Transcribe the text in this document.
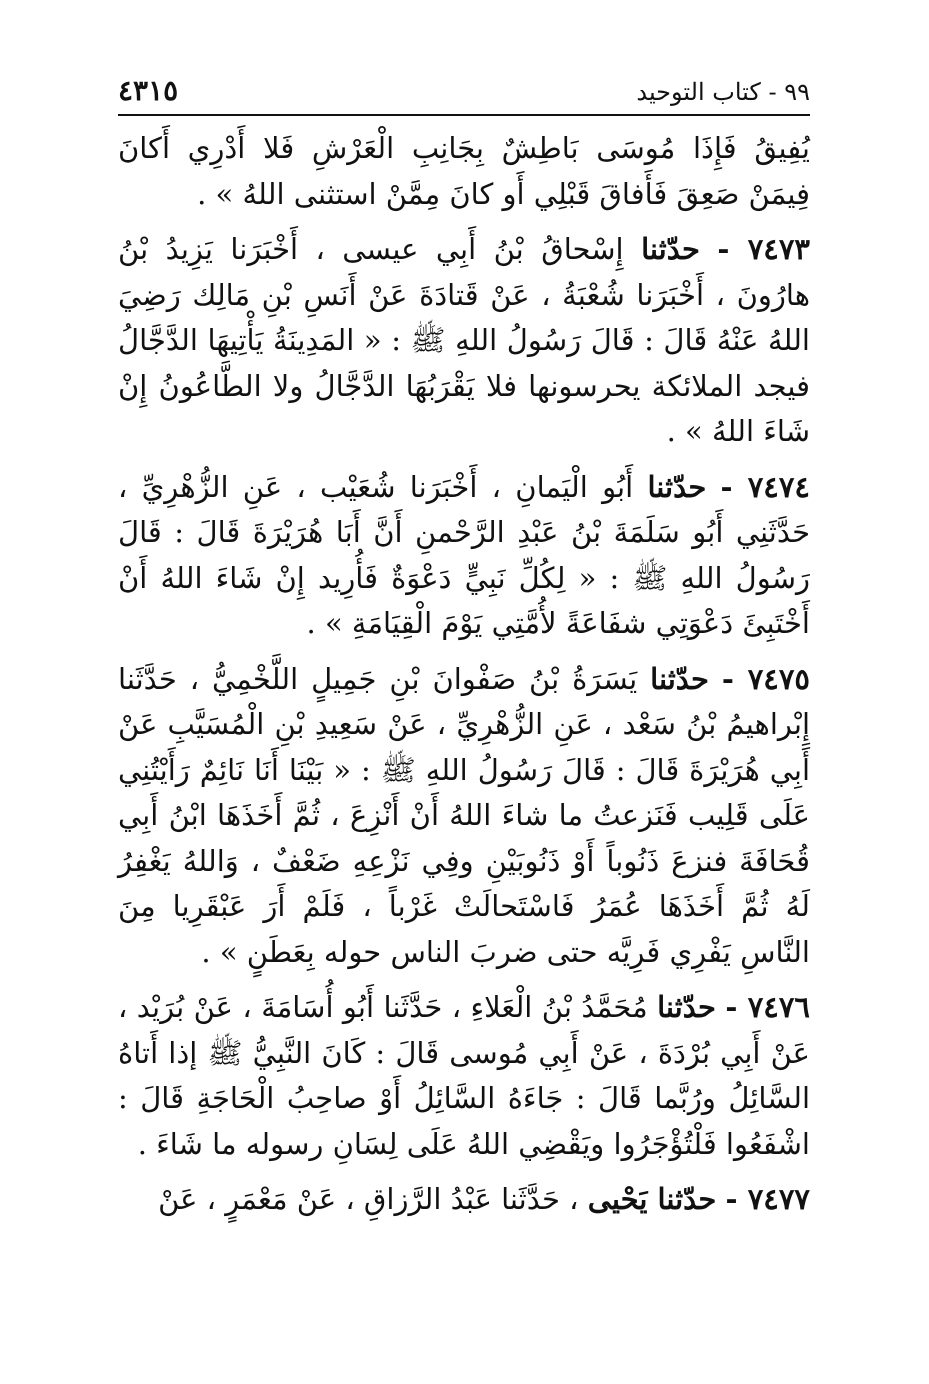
٩٩ - كتاب التوحيد
٤٣١٥

يُفِيقُ فَإِذَا مُوسَى بَاطِشٌ بِجَانِبِ الْعَرْشِ فَلا أَدْرِي أَكانَ فِيمَنْ صَعِقَ فَأَفاقَ قَبْلِي أَو كانَ مِمَّنْ استثنى اللهُ » .

٧٤٧٣ - حدّثنا إِسْحاقُ بْنُ أَبِي عيسى ، أَخْبَرَنا يَزِيدُ بْنُ هارُونَ ، أَخْبَرَنا شُعْبَةُ ، عَنْ قَتادَةَ عَنْ أَنَسِ بْنِ مَالِك رَضِيَ اللهُ عَنْهُ قَالَ : قَالَ رَسُولُ اللهِ ﷺ : « المَدِينَةُ يَأْتِيهَا الدَّجَّالُ فيجد الملائكة يحرسونها فلا يَقْرَبُهَا الدَّجَّالُ ولا الطَّاعُونُ إِنْ شَاءَ اللهُ » .

٧٤٧٤ - حدّثنا أَبُو الْيَمانِ ، أَخْبَرَنا شُعَيْب ، عَنِ الزُّهْرِيِّ ، حَدَّثَنِي أَبُو سَلَمَةَ بْنُ عَبْدِ الرَّحْمنِ أَنَّ أَبَا هُرَيْرَةَ قَالَ : قَالَ رَسُولُ اللهِ ﷺ : « لِكُلِّ نَبِيٍّ دَعْوَةٌ فَأُرِيد إِنْ شَاءَ اللهُ أَنْ أَخْتَبِئَ دَعْوَتِي شفَاعَةً لأُمَّتِي يَوْمَ الْقِيَامَةِ » .

٧٤٧٥ - حدّثنا يَسَرَةُ بْنُ صَفْوانَ بْنِ جَمِيلٍ اللَّخْمِيُّ ، حَدَّثَنا إِبْراهيمُ بْنُ سَعْد ، عَنِ الزُّهْرِيِّ ، عَنْ سَعِيدِ بْنِ الْمُسَيَّبِ عَنْ أَبِي هُرَيْرَةَ قَالَ : قَالَ رَسُولُ اللهِ ﷺ : « بَيْنَا أَنَا نَائِمٌ رَأَيْتُنِي عَلَى قَلِيب فَنَزعتُ ما شاءَ اللهُ أَنْ أَنْزِعَ ، ثُمَّ أَخَذَهَا ابْنُ أَبِي قُحَافَةَ فنزعَ ذَنُوباً أَوْ ذَنُوبَيْنِ وفِي نَزْعِهِ ضَعْفٌ ، وَاللهُ يَغْفِرُ لَهُ ثُمَّ أَخَذَهَا عُمَرُ فَاسْتَحالَتْ غَرْباً ، فَلَمْ أَرَ عَبْقَرِيا مِنَ النَّاسِ يَفْرِي فَرِيَّه حتى ضربَ الناس حوله بِعَطَنٍ » .

٧٤٧٦ - حدّثنا مُحَمَّدُ بْنُ الْعَلاءِ ، حَدَّثَنا أَبُو أُسَامَةَ ، عَنْ بُرَيْد ، عَنْ أَبِي بُرْدَةَ ، عَنْ أَبِي مُوسى قَالَ : كَانَ النَّبِيُّ ﷺ إذا أَتاهُ السَّائِلُ ورُبَّما قَالَ : جَاءَهُ السَّائِلُ أَوْ صاحِبُ الْحَاجَةِ قَالَ : اشْفَعُوا فَلْتُؤْجَرُوا ويَقْضِي اللهُ عَلَى لِسَانِ رسوله ما شَاءَ .

٧٤٧٧ - حدّثنا يَحْيى ، حَدَّثَنا عَبْدُ الرَّزاقِ ، عَنْ مَعْمَرٍ ، عَنْ
